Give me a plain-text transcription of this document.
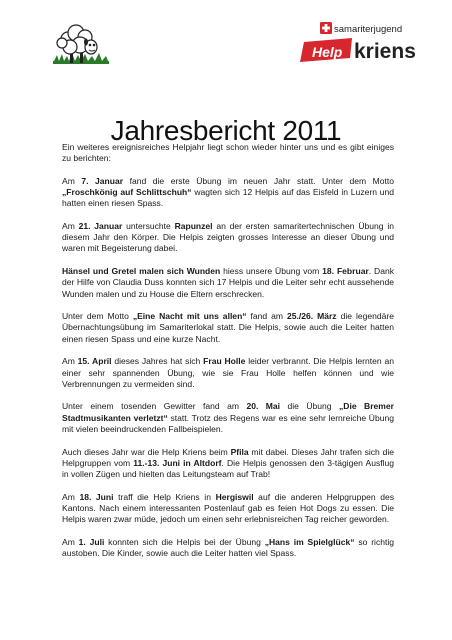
samariterjugend
Help kriens
Jahresbericht 2011

Ein weiteres ereignisreiches Helpjahr liegt schon wieder hinter uns und es gibt einiges zu berichten:

Am 7. Januar fand die erste Übung im neuen Jahr statt. Unter dem Motto „Froschkönig auf Schlittschuh“ wagten sich 12 Helpis auf das Eisfeld in Luzern und hatten einen riesen Spass.

Am 21. Januar untersuchte Rapunzel an der ersten samaritertechnischen Übung in diesem Jahr den Körper. Die Helpis zeigten grosses Interesse an dieser Übung und waren mit Begeisterung dabei.

Hänsel und Gretel malen sich Wunden hiess unsere Übung vom 18. Februar. Dank der Hilfe von Claudia Duss konnten sich 17 Helpis und die Leiter sehr echt aussehende Wunden malen und zu House die Eltern erschrecken.

Unter dem Motto „Eine Nacht mit uns allen“ fand am 25./26. März die legendäre Übernachtungsübung im Samariterlokal statt. Die Helpis, sowie auch die Leiter hatten einen riesen Spass und eine kurze Nacht.

Am 15. April dieses Jahres hat sich Frau Holle leider verbrannt. Die Helpis lernten an einer sehr spannenden Übung, wie sie Frau Holle helfen können und wie Verbrennungen zu vermeiden sind.

Unter einem tosenden Gewitter fand am 20. Mai die Übung „Die Bremer Stadtmusikanten verletzt“ statt. Trotz des Regens war es eine sehr lernreiche Übung mit vielen beeindruckenden Fallbeispielen.

Auch dieses Jahr war die Help Kriens beim Pfila mit dabei. Dieses Jahr trafen sich die Helpgruppen vom 11.-13. Juni in Altdorf. Die Helpis genossen den 3-tägigen Ausflug in vollen Zügen und hielten das Leitungsteam auf Trab!

Am 18. Juni traff die Help Kriens in Hergiswil auf die anderen Helpgruppen des Kantons. Nach einem interessanten Postenlauf gab es feien Hot Dogs zu essen. Die Helpis waren zwar müde, jedoch um einen sehr erlebnisreichen Tag reicher geworden.

Am 1. Juli konnten sich die Helpis bei der Übung „Hans im Spielglück“ so richtig austoben. Die Kinder, sowie auch die Leiter hatten viel Spass.
